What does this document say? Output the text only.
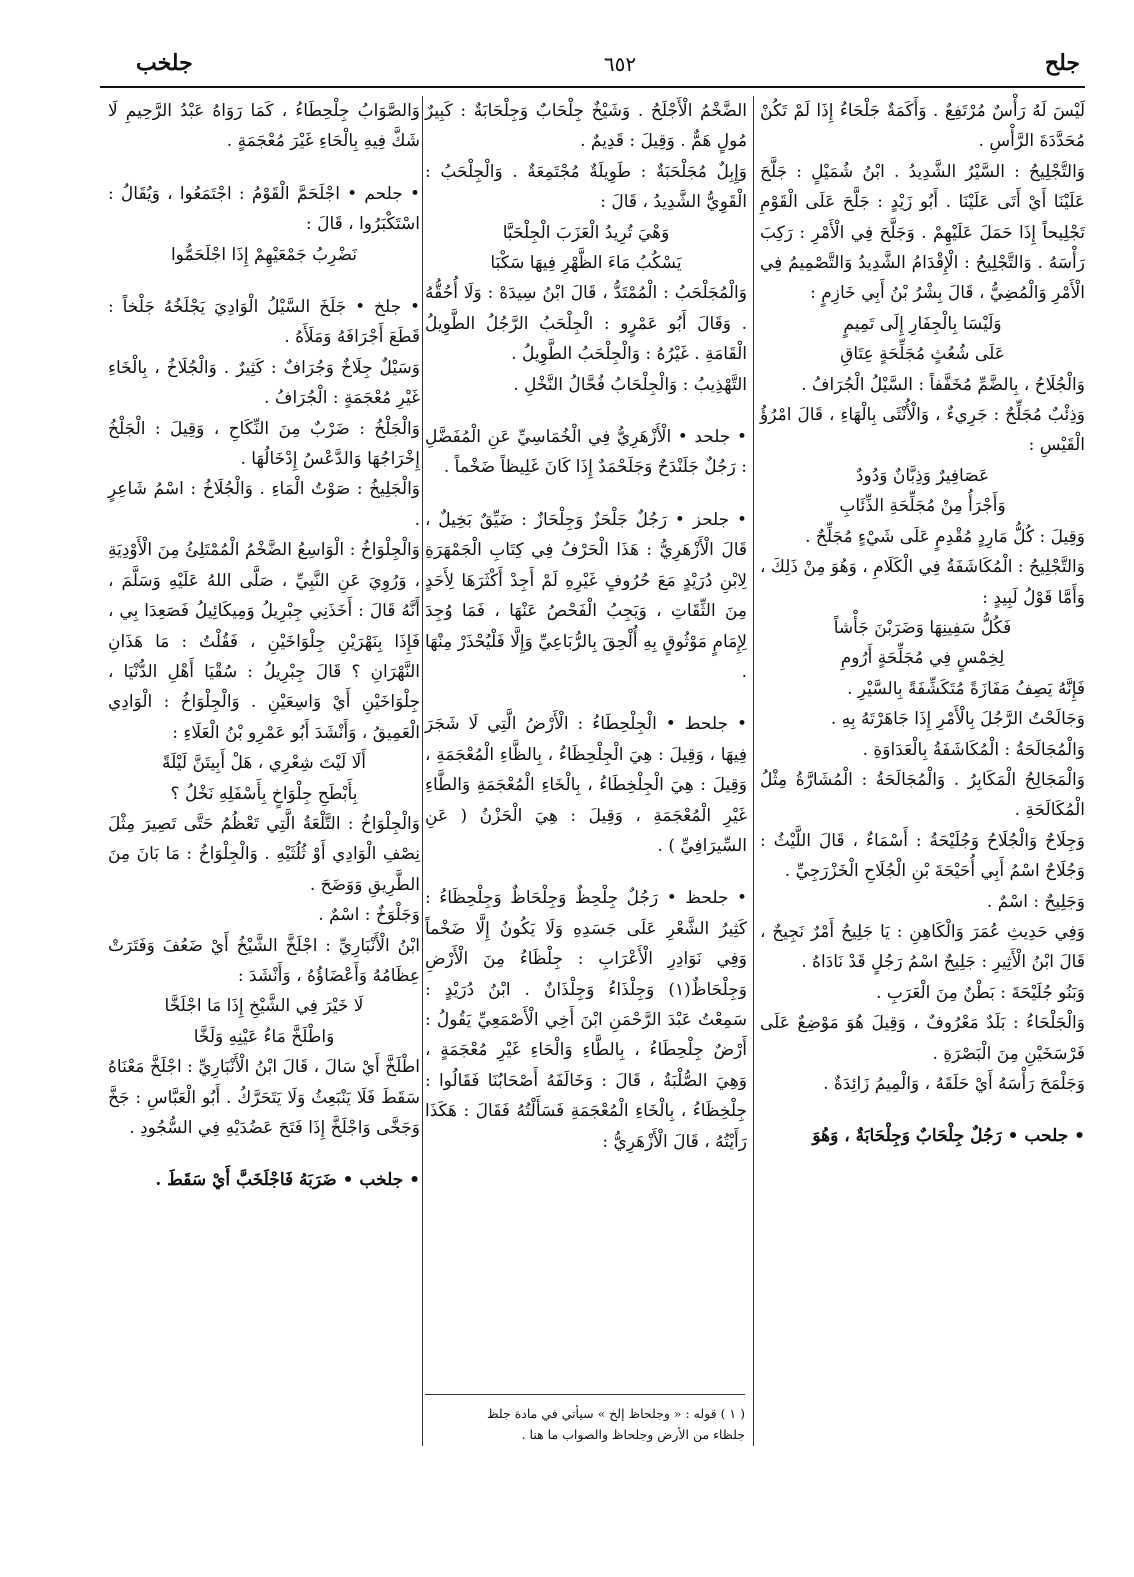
جلح
٦٥٢
جلخب

لَيْسَ لَهُ رَأْسٌ مُرْتَفِعٌ . وَأَكَمَةٌ جَلْحَاءُ إِذَا لَمْ تَكُنْ مُحَدَّدَةَ الرَّأْسِ .

وَالتَّجْلِيحُ : السَّيْرُ الشَّدِيدُ . ابْنُ شُمَيْلٍ : جَلَّحَ عَلَيْنَا أَيْ أَتَى عَلَيْنَا . أَبُو زَيْدٍ : جَلَّحَ عَلَى الْقَوْمِ تَجْلِيحاً إِذَا حَمَلَ عَلَيْهِمْ . وَجَلَّحَ فِي الْأَمْرِ : رَكِبَ رَأْسَهُ . وَالتَّجْلِيحُ : الْإِقْدَامُ الشَّدِيدُ وَالتَّصْمِيمُ فِي الْأَمْرِ وَالْمُضِيُّ ، قَالَ بِشْرُ بْنُ أَبِي خَازِمٍ :

وَلَيْسَا بِالْجِفَارِ إِلَى تَمِيمٍ

عَلَى شُعُثٍ مُجَلِّحَةٍ عِتَاقِ

وَالْجُلَاحُ ، بِالضَّمِّ مُخَفَّفاً : السَّيْلُ الْجُرَافُ .

وَذِئْبٌ مُجَلِّحٌ : جَرِيءٌ ، وَالْأُنْثَى بِالْهَاءِ ، قَالَ امْرُؤُ الْقَيْسِ :

عَصَافِيرٌ وَذِبَّانٌ وَدُودٌ

وَأَجْرَأُ مِنْ مُجَلِّحَةِ الذِّئَابِ

وَقِيلَ : كُلُّ مَارِدٍ مُقْدِمٍ عَلَى شَيْءٍ مُجَلِّحٌ .

وَالتَّجْلِيحُ : الْمُكَاشَفَةُ فِي الْكَلَامِ ، وَهُوَ مِنْ ذَلِكَ ، وَأَمَّا قَوْلُ لَبِيدٍ :

فَكُلُّ سَفِينِهَا وَضَرَبْنَ جَأْشاً

لِخِمْسٍ فِي مُجَلِّحَةٍ أَرُومِ

فَإِنَّهُ يَصِفُ مَفَازَةً مُتَكَشِّفَةً بِالسَّيْرِ .

وَجَالَحْتُ الرَّجُلَ بِالْأَمْرِ إِذَا جَاهَرْتَهُ بِهِ .

وَالْمُجَالَحَةُ : الْمُكَاشَفَةُ بِالْعَدَاوَةِ .

وَالْمَجَالِحُ الْمَكَابِرُ . وَالْمُجَالَحَةُ : الْمُشَارَّةُ مِثْلُ الْمُكَالَحَةِ .

وَجِلَاحٌ وَالْجُلَاحُ وَجُلَيْحَةُ : أَسْمَاءٌ ، قَالَ اللَّيْثُ : وَجُلَاحٌ اسْمُ أَبِي أُحَيْحَةَ بْنِ الْجُلَاحِ الْخَزْرَجِيِّ .

وَجَلِيحٌ : اسْمٌ .

وَفِي حَدِيثِ عُمَرَ وَالْكَاهِنِ : يَا جَلِيحُ أَمْرٌ نَجِيحٌ ، قَالَ ابْنُ الْأَثِيرِ : جَلِيحٌ اسْمُ رَجُلٍ قَدْ نَادَاهُ .

وَبَنُو جُلَيْحَةَ : بَطْنٌ مِنَ الْعَرَبِ .

وَالْجَلْحَاءُ : بَلَدٌ مَعْرُوفٌ ، وَقِيلَ هُوَ مَوْضِعٌ عَلَى فَرْسَخَيْنِ مِنَ الْبَصْرَةِ .

وَجَلْمَحَ رَأْسَهُ أَيْ حَلَقَهُ ، وَالْمِيمُ زَائِدَةٌ .

• جلحب • رَجُلٌ جِلْحَابٌ وَجِلْحَابَةٌ ، وَهُوَ

الضَّخْمُ الْأَجْلَحُ . وَشَيْخٌ جِلْحَابٌ وَجِلْحَابَةٌ : كَبِيرٌ مُولٍ هَمٌّ . وَقِيلَ : قَدِيمٌ .

وَإِبِلٌ مُجَلْحَبَةٌ : طَوِيلَةٌ مُجْتَمِعَةٌ . وَالْجِلْحَبُ : الْقَوِيُّ الشَّدِيدُ ، قَالَ :

وَهْيَ تُرِيدُ الْعَزَبَ الْجِلْحَبَّا

يَسْكُبُ مَاءَ الظَّهْرِ فِيهَا سَكْبَا

وَالْمُجَلْحَبُ : الْمُمْتَدُّ ، قَالَ ابْنُ سِيدَهْ : وَلَا أُحُقُّهُ . وَقَالَ أَبُو عَمْرٍو : الْجِلْحَبُ الرَّجُلُ الطَّوِيلُ الْقَامَةِ . غَيْرُهُ : وَالْجِلْحَبُ الطَّوِيلُ .

التَّهْذِيبُ : وَالْجِلْحَابُ فُحَّالُ النَّخْلِ .

• جلحد • الْأَزْهَرِيُّ فِي الْخُمَاسِيِّ عَنِ الْمُفَضَّلِ : رَجُلٌ جَلَنْدَحٌ وَجَلَحْمَدٌ إِذَا كَانَ غَلِيظاً ضَخْماً .

• جلحز • رَجُلٌ جَلْحَزٌ وَجِلْحَازٌ : ضَيِّقٌ بَخِيلٌ ، قَالَ الْأَزْهَرِيُّ : هَذَا الْحَرْفُ فِي كِتَابِ الْجَمْهَرَةِ لِابْنِ دُرَيْدٍ مَعَ حُرُوفٍ غَيْرِهِ لَمْ أَجِدْ أَكْثَرَهَا لِأَحَدٍ مِنَ الثِّقَاتِ ، وَيَجِبُ الْفَحْصُ عَنْهَا ، فَمَا وُجِدَ لِإِمَامٍ مَوْثُوقٍ بِهِ أُلْحِقَ بِالرُّبَاعِيِّ وَإِلَّا فَلْيُحْذَرْ مِنْهَا .

• جلحط • الْجِلْحِطَاءُ : الْأَرْضُ الَّتِي لَا شَجَرَ فِيهَا ، وَقِيلَ : هِيَ الْجِلْحِظَاءُ ، بِالظَّاءِ الْمُعْجَمَةِ ، وَقِيلَ : هِيَ الْجِلْخِطَاءُ ، بِالْخَاءِ الْمُعْجَمَةِ وَالطَّاءِ غَيْرِ الْمُعْجَمَةِ ، وَقِيلَ : هِيَ الْحَزْنُ ( عَنِ السِّيرَافِيِّ ) .

• جلحظ • رَجُلٌ جِلْحِظٌ وَجِلْحَاظٌ وَجِلْحِظَاءُ : كَثِيرُ الشَّعْرِ عَلَى جَسَدِهِ وَلَا يَكُونُ إِلَّا ضَخْماً وَفِي نَوَادِرِ الْأَعْرَابِ : جِلْظَاءُ مِنَ الْأَرْضِ وَجِلْحَاظٌ(١) وَجِلْذَاءُ وَجِلْذَانٌ . ابْنُ دُرَيْدٍ : سَمِعْتُ عَبْدَ الرَّحْمَنِ ابْنَ أَخِي الْأَصْمَعِيِّ يَقُولُ : أَرْضٌ جِلْحِطَاءُ ، بِالطَّاءِ وَالْحَاءِ غَيْرِ مُعْجَمَةٍ ، وَهِيَ الصُّلْبَةُ ، قَالَ : وَخَالَفَهُ أَصْحَابُنَا فَقَالُوا : جِلْخِظَاءُ ، بِالْخَاءِ الْمُعْجَمَةِ فَسَأَلْتُهُ فَقَالَ : هَكَذَا رَأَيْتُهُ ، قَالَ الْأَزْهَرِيُّ :

وَالصَّوَابُ جِلْحِطَاءُ ، كَمَا رَوَاهُ عَبْدُ الرَّحِيمِ لَا شَكَّ فِيهِ بِالْحَاءِ غَيْرَ مُعْجَمَةٍ .

• جلحم • اجْلَحَمَّ الْقَوْمُ : اجْتَمَعُوا ، وَيُقَالُ : اسْتَكْبَرُوا ، قَالَ :

نَضْرِبُ جَمْعَيْهِمْ إِذَا اجْلَحَمُّوا

• جلخ • جَلَخَ السَّيْلُ الْوَادِيَ يَجْلَخُهُ جَلْخاً : قَطَعَ أَجْرَافَهُ وَمَلَأَهُ .

وَسَيْلٌ جِلَاخٌ وَجُرَافٌ : كَثِيرٌ . وَالْجُلَاخُ ، بِالْخَاءِ غَيْرِ مُعْجَمَةٍ : الْجُرَافُ .

وَالْجَلْخُ : ضَرْبٌ مِنَ النِّكَاحِ ، وَقِيلَ : الْجَلْخُ إِخْرَاجُهَا وَالدَّعْسُ إِدْخَالُهَا .

وَالْجَلِيخُ : صَوْتُ الْمَاءِ . وَالْجُلَاخُ : اسْمُ شَاعِرٍ .

وَالْجِلْوَاخُ : الْوَاسِعُ الضَّخْمُ الْمُمْتَلِئُ مِنَ الْأَوْدِيَةِ ، وَرُوِيَ عَنِ النَّبِيِّ ، صَلَّى اللهُ عَلَيْهِ وَسَلَّمَ ، أَنَّهُ قَالَ : أَخَذَنِي جِبْرِيلُ وَمِيكَائِيلُ فَصَعِدَا بِي ، فَإِذَا بِنَهْرَيْنِ جِلْوَاخَيْنِ ، فَقُلْتُ : مَا هَذَانِ النَّهْرَانِ ؟ قَالَ جِبْرِيلُ : سُقْيَا أَهْلِ الدُّنْيَا ، جِلْوَاخَيْنِ أَيْ وَاسِعَيْنِ . وَالْجِلْوَاخُ : الْوَادِي الْعَمِيقُ ، وَأَنْشَدَ أَبُو عَمْرِو بْنُ الْعَلَاءِ :

أَلَا لَيْتَ شِعْرِي ، هَلْ أَبِيتَنَّ لَيْلَةً

بِأَبْطَحِ جِلْوَاخٍ بِأَسْفَلِهِ نَخْلُ ؟

وَالْجِلْوَاخُ : التَّلْعَةُ الَّتِي تَعْظُمُ حَتَّى تَصِيرَ مِثْلَ نِصْفِ الْوَادِي أَوْ ثُلُثَيْهِ . وَالْجِلْوَاخُ : مَا بَانَ مِنَ الطَّرِيقِ وَوَضَحَ .

وَجَلْوَخٌ : اسْمٌ .

ابْنُ الْأَنْبَارِيِّ : اجْلَخَّ الشَّيْخُ أَيْ ضَعُفَ وَفَتَرَتْ عِظَامُهُ وَأَعْضَاؤُهُ ، وَأَنْشَدَ :

لَا خَيْرَ فِي الشَّيْخِ إِذَا مَا اجْلَخَّا

وَاطْلَخَّ مَاءُ عَيْنِهِ وَلَخَّا

اطْلَخَّ أَيْ سَالَ ، قَالَ ابْنُ الْأَنْبَارِيِّ : اجْلَخَّ مَعْنَاهُ سَقَطَ فَلَا يَنْبَعِثُ وَلَا يَتَحَرَّكُ . أَبُو الْعَبَّاسِ : جَخَّ وَجَخَّى وَاجْلَخَّ إِذَا فَتَحَ عَضُدَيْهِ فِي السُّجُودِ .

• جلخب • ضَرَبَهُ فَاجْلَخَبَّ أَيْ سَقَطَ .

( ١ ) قوله : « وجلحاظ إلخ » سيأتي في مادة جلظ
جلظاء من الأرض وجلحاظ والصواب ما هنا .
